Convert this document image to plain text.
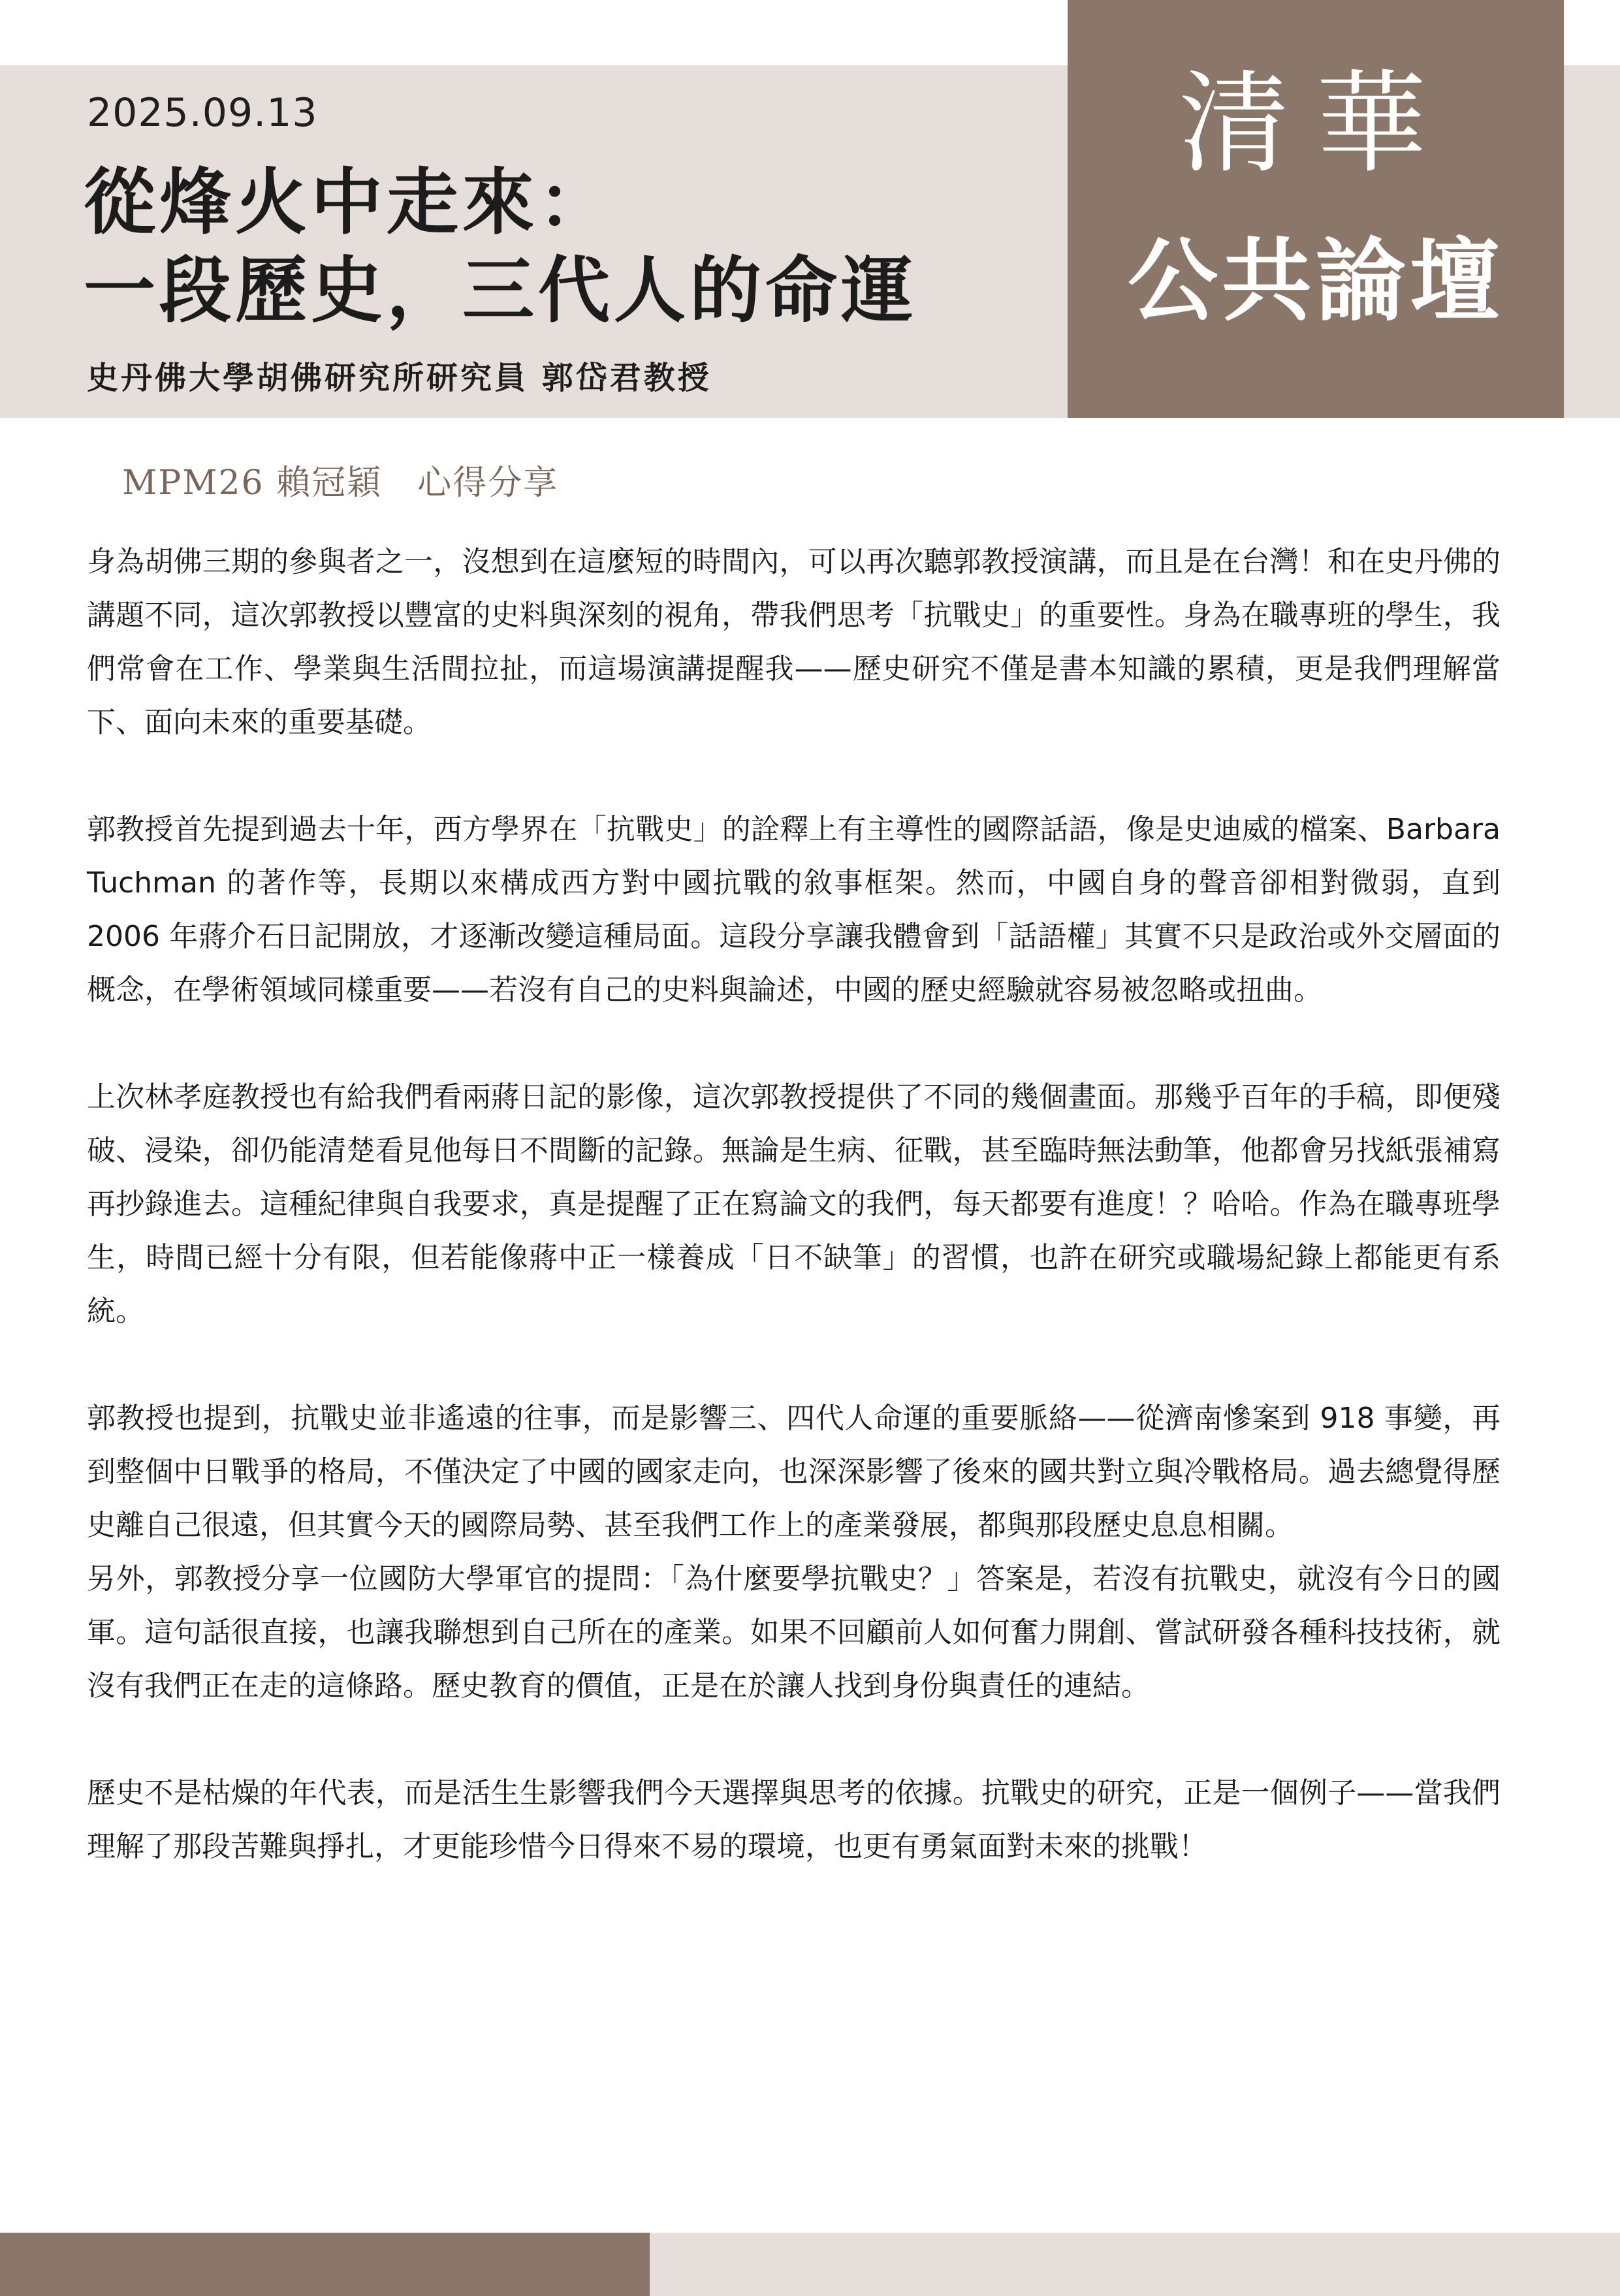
2025.09.13
從烽火中走來：
一段歷史，三代人的命運
史丹佛大學胡佛研究所研究員 郭岱君教授
清華
公共論壇
MPM26 賴冠穎　心得分享

身為胡佛三期的參與者之一，沒想到在這麼短的時間內，可以再次聽郭教授演講，而且是在台灣！和在史丹佛的講題不同，這次郭教授以豐富的史料與深刻的視角，帶我們思考「抗戰史」的重要性。身為在職專班的學生，我們常會在工作、學業與生活間拉扯，而這場演講提醒我——歷史研究不僅是書本知識的累積，更是我們理解當下、面向未來的重要基礎。

郭教授首先提到過去十年，西方學界在「抗戰史」的詮釋上有主導性的國際話語，像是史迪威的檔案、Barbara Tuchman 的著作等，長期以來構成西方對中國抗戰的敘事框架。然而，中國自身的聲音卻相對微弱，直到 2006 年蔣介石日記開放，才逐漸改變這種局面。這段分享讓我體會到「話語權」其實不只是政治或外交層面的概念，在學術領域同樣重要——若沒有自己的史料與論述，中國的歷史經驗就容易被忽略或扭曲。

上次林孝庭教授也有給我們看兩蔣日記的影像，這次郭教授提供了不同的幾個畫面。那幾乎百年的手稿，即便殘破、浸染，卻仍能清楚看見他每日不間斷的記錄。無論是生病、征戰，甚至臨時無法動筆，他都會另找紙張補寫再抄錄進去。這種紀律與自我要求，真是提醒了正在寫論文的我們，每天都要有進度！？哈哈。作為在職專班學生，時間已經十分有限，但若能像蔣中正一樣養成「日不缺筆」的習慣，也許在研究或職場紀錄上都能更有系統。

郭教授也提到，抗戰史並非遙遠的往事，而是影響三、四代人命運的重要脈絡——從濟南慘案到 918 事變，再到整個中日戰爭的格局，不僅決定了中國的國家走向，也深深影響了後來的國共對立與冷戰格局。過去總覺得歷史離自己很遠，但其實今天的國際局勢、甚至我們工作上的產業發展，都與那段歷史息息相關。

另外，郭教授分享一位國防大學軍官的提問：「為什麼要學抗戰史？」答案是，若沒有抗戰史，就沒有今日的國軍。這句話很直接，也讓我聯想到自己所在的產業。如果不回顧前人如何奮力開創、嘗試研發各種科技技術，就沒有我們正在走的這條路。歷史教育的價值，正是在於讓人找到身份與責任的連結。

歷史不是枯燥的年代表，而是活生生影響我們今天選擇與思考的依據。抗戰史的研究，正是一個例子——當我們理解了那段苦難與掙扎，才更能珍惜今日得來不易的環境，也更有勇氣面對未來的挑戰！
